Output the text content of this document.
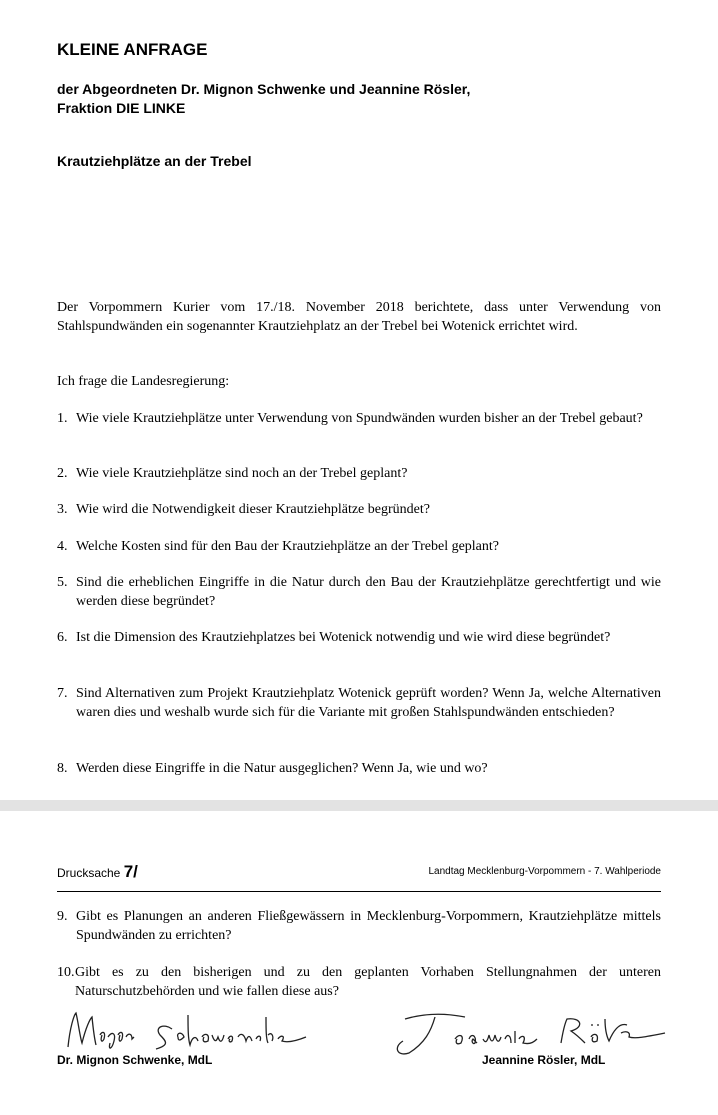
KLEINE ANFRAGE
der Abgeordneten Dr. Mignon Schwenke und Jeannine Rösler,
Fraktion DIE LINKE
Krautziehplätze an der Trebel
Der Vorpommern Kurier vom 17./18. November 2018 berichtete, dass unter Verwendung von Stahlspundwänden ein sogenannter Krautziehplatz an der Trebel bei Wotenick errichtet wird.
Ich frage die Landesregierung:
1. Wie viele Krautziehplätze unter Verwendung von Spundwänden wurden bisher an der Trebel gebaut?
2. Wie viele Krautziehplätze sind noch an der Trebel geplant?
3. Wie wird die Notwendigkeit dieser Krautziehplätze begründet?
4. Welche Kosten sind für den Bau der Krautziehplätze an der Trebel geplant?
5. Sind die erheblichen Eingriffe in die Natur durch den Bau der Krautziehplätze gerechtfertigt und wie werden diese begründet?
6. Ist die Dimension des Krautziehplatzes bei Wotenick notwendig und wie wird diese begründet?
7. Sind Alternativen zum Projekt Krautziehplatz Wotenick geprüft worden? Wenn Ja, welche Alternativen waren dies und weshalb wurde sich für die Variante mit großen Stahlspundwänden entschieden?
8. Werden diese Eingriffe in die Natur ausgeglichen? Wenn Ja, wie und wo?
Drucksache 7/	Landtag Mecklenburg-Vorpommern - 7. Wahlperiode
9. Gibt es Planungen an anderen Fließgewässern in Mecklenburg-Vorpommern, Krautziehplätze mittels Spundwänden zu errichten?
10. Gibt es zu den bisherigen und zu den geplanten Vorhaben Stellungnahmen der unteren Naturschutzbehörden und wie fallen diese aus?
Dr. Mignon Schwenke, MdL	Jeannine Rösler, MdL
